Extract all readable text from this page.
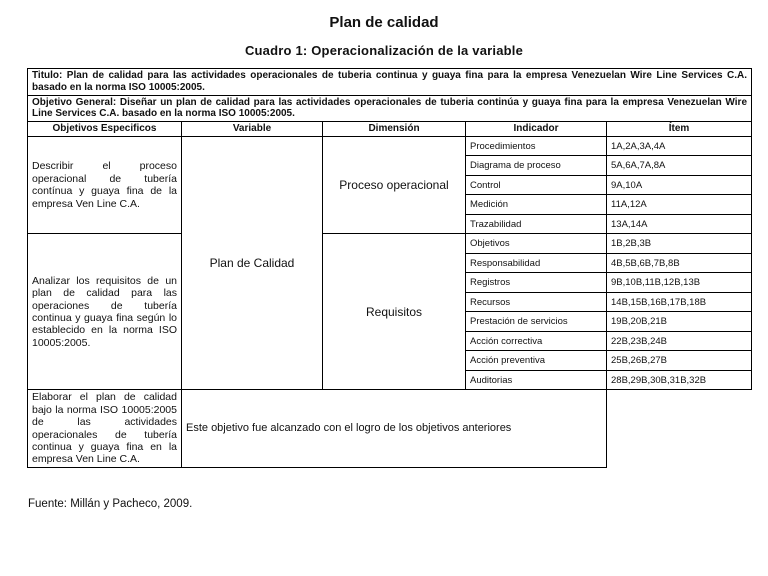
Plan de calidad
Cuadro 1: Operacionalización de la variable
Titulo: Plan de calidad para las actividades operacionales de tuberia continua y guaya fina para la empresa Venezuelan Wire Line Services C.A. basado en la norma ISO 10005:2005.				
Objetivo General: Diseñar un plan de calidad para las actividades operacionales de tuberia continúa y guaya fina para la empresa Venezuelan Wire Line Services C.A. basado en la norma ISO 10005:2005.				
Objetivos Especificos	Variable	Dimensión	Indicador	Ítem
Describir el proceso operacional de tubería contínua y guaya fina de la empresa Ven Line C.A.	Plan de Calidad	Proceso operacional	Procedimientos	1A,2A,3A,4A
			Diagrama de proceso	5A,6A,7A,8A
			Control	9A,10A
			Medición	11A,12A
			Trazabilidad	13A,14A
Analizar los requisitos de un plan de calidad para las operaciones de tubería continua y guaya fina según lo establecido en la norma ISO 10005:2005.		Requisitos	Objetivos	1B,2B,3B
			Responsabilidad	4B,5B,6B,7B,8B
			Registros	9B,10B,11B,12B,13B
			Recursos	14B,15B,16B,17B,18B
			Prestación de servicios	19B,20B,21B
			Acción correctiva	22B,23B,24B
			Acción preventiva	25B,26B,27B
			Auditorias	28B,29B,30B,31B,32B
Elaborar el plan de calidad bajo la norma ISO 10005:2005 de las actividades operacionales de tubería continua y guaya fina en la empresa Ven Line C.A.	Este objetivo fue alcanzado con el logro de los objetivos anteriores			
Fuente: Millán y Pacheco, 2009.
